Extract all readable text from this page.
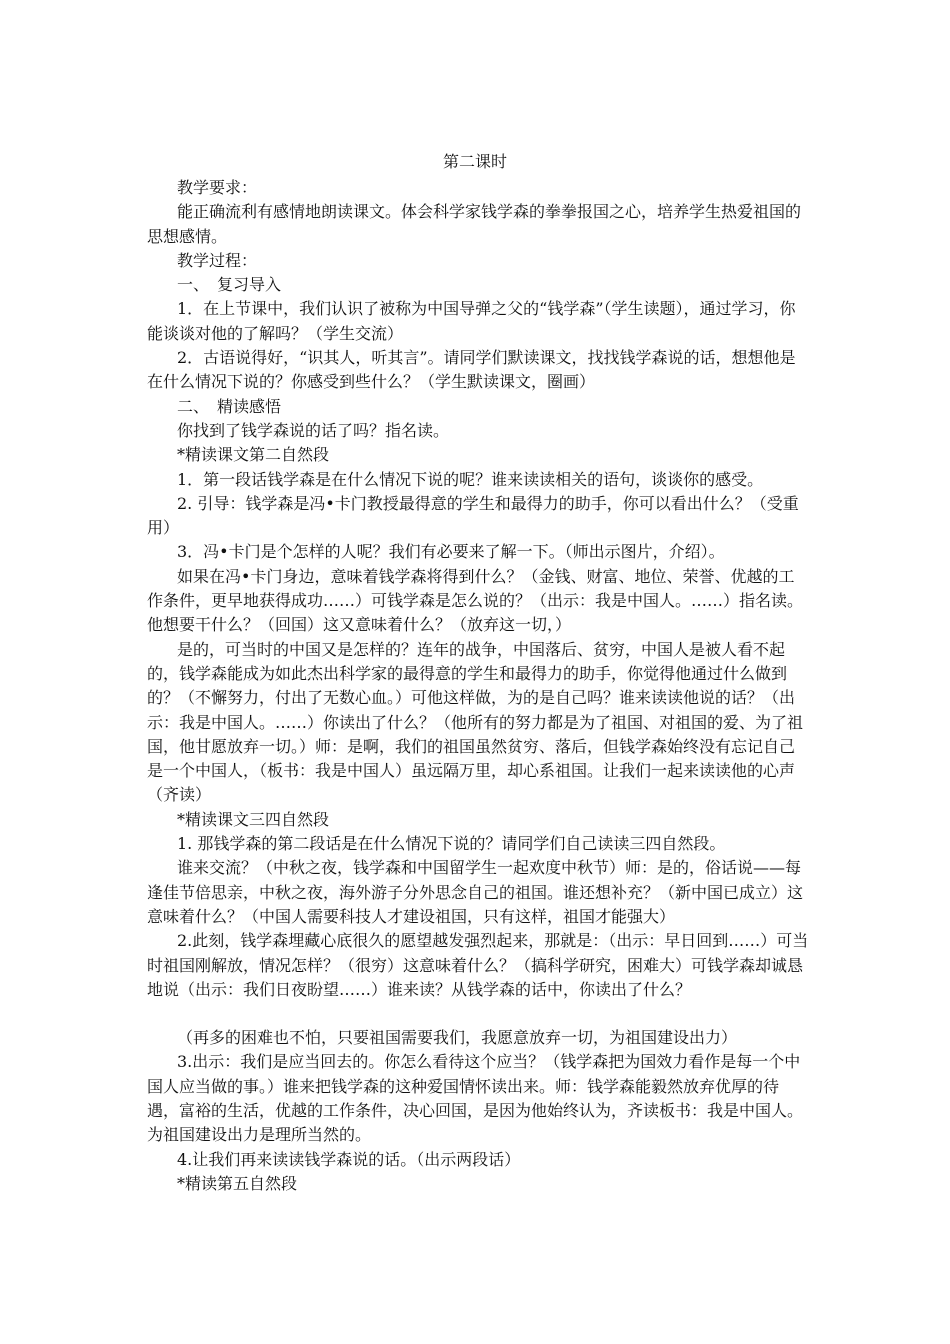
第二课时

教学要求：

能正确流利有感情地朗读课文。体会科学家钱学森的拳拳报国之心，培养学生热爱祖国的思想感情。

教学过程：

一、　复习导入

1．在上节课中，我们认识了被称为中国导弹之父的“钱学森”（学生读题），通过学习，你能谈谈对他的了解吗？（学生交流）

2．古语说得好，“识其人，听其言”。请同学们默读课文，找找钱学森说的话，想想他是在什么情况下说的？你感受到些什么？（学生默读课文，圈画）

二、　精读感悟

你找到了钱学森说的话了吗？指名读。

*精读课文第二自然段

1．第一段话钱学森是在什么情况下说的呢？谁来读读相关的语句，谈谈你的感受。

2. 引导：钱学森是冯•卡门教授最得意的学生和最得力的助手，你可以看出什么？（受重用）

3．冯•卡门是个怎样的人呢？我们有必要来了解一下。（师出示图片，介绍）。

如果在冯•卡门身边，意味着钱学森将得到什么？（金钱、财富、地位、荣誉、优越的工作条件，更早地获得成功……）可钱学森是怎么说的？（出示：我是中国人。……）指名读。他想要干什么？（回国）这又意味着什么？（放弃这一切，）

是的，可当时的中国又是怎样的？连年的战争，中国落后、贫穷，中国人是被人看不起的，钱学森能成为如此杰出科学家的最得意的学生和最得力的助手，你觉得他通过什么做到的？（不懈努力，付出了无数心血。）可他这样做，为的是自己吗？谁来读读他说的话？（出示：我是中国人。……）你读出了什么？（他所有的努力都是为了祖国、对祖国的爱、为了祖国，他甘愿放弃一切。）师：是啊，我们的祖国虽然贫穷、落后，但钱学森始终没有忘记自己是一个中国人，（板书：我是中国人）虽远隔万里，却心系祖国。让我们一起来读读他的心声（齐读）

*精读课文三四自然段

1. 那钱学森的第二段话是在什么情况下说的？请同学们自己读读三四自然段。

谁来交流？（中秋之夜，钱学森和中国留学生一起欢度中秋节）师：是的，俗话说——每逢佳节倍思亲，中秋之夜，海外游子分外思念自己的祖国。谁还想补充？（新中国已成立）这意味着什么？（中国人需要科技人才建设祖国，只有这样，祖国才能强大）

2.此刻，钱学森埋藏心底很久的愿望越发强烈起来，那就是：（出示：早日回到……）可当时祖国刚解放，情况怎样？（很穷）这意味着什么？（搞科学研究，困难大）可钱学森却诚恳地说（出示：我们日夜盼望……）谁来读？从钱学森的话中，你读出了什么？

（再多的困难也不怕，只要祖国需要我们，我愿意放弃一切，为祖国建设出力）

3.出示：我们是应当回去的。你怎么看待这个应当？（钱学森把为国效力看作是每一个中国人应当做的事。）谁来把钱学森的这种爱国情怀读出来。师：钱学森能毅然放弃优厚的待遇，富裕的生活，优越的工作条件，决心回国，是因为他始终认为，齐读板书：我是中国人。为祖国建设出力是理所当然的。

4.让我们再来读读钱学森说的话。（出示两段话）

*精读第五自然段
